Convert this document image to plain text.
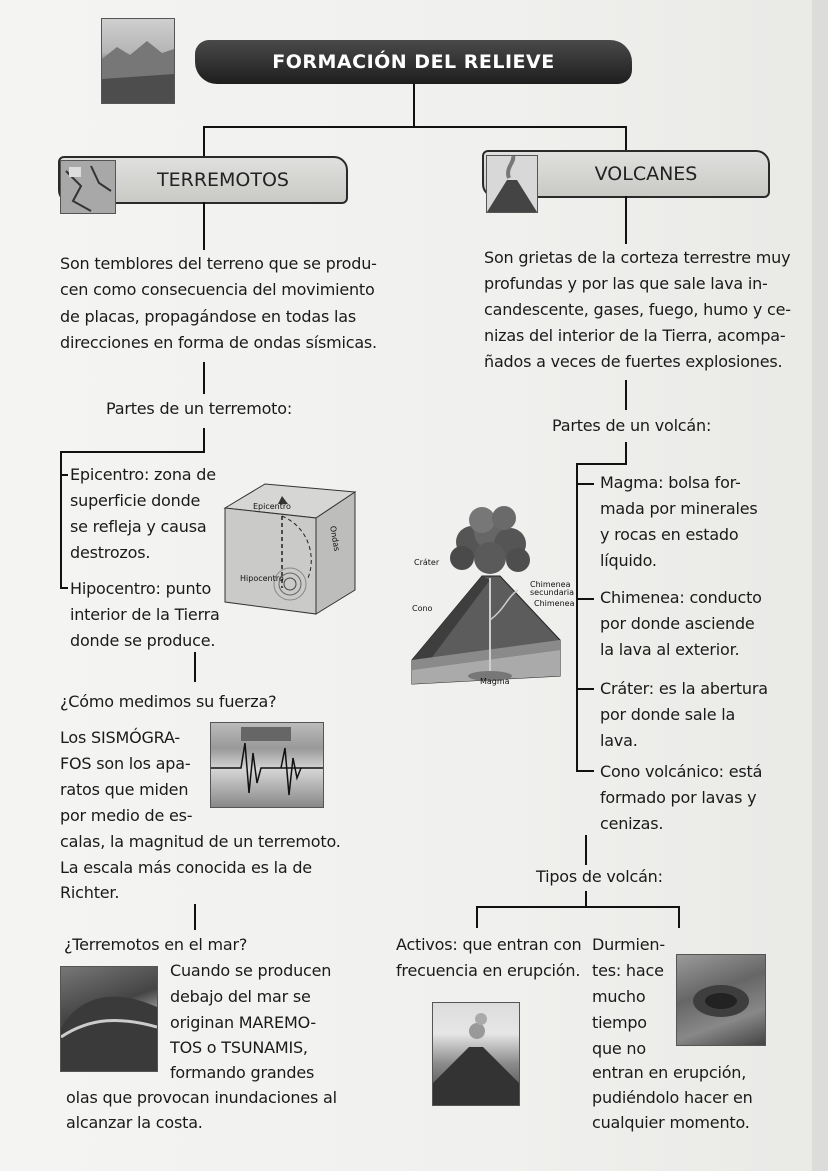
FORMACIÓN DEL RELIEVE
TERREMOTOS	VOLCANES
Son temblores del terreno que se produ-
cen como consecuencia del movimiento
de placas, propagándose en todas las
direcciones en forma de ondas sísmicas.
Partes de un terremoto:
Epicentro: zona de
superficie donde
se refleja y causa
destrozos.
Hipocentro: punto
interior de la Tierra
donde se produce.
Epicentro
Hipocentro
Ondas
¿Cómo medimos su fuerza?
Los SISMÓGRA-
FOS son los apa-
ratos que miden
por medio de es-
calas, la magnitud de un terremoto.
La escala más conocida es la de
Richter.
¿Terremotos en el mar?
Cuando se producen
debajo del mar se
originan MAREMO-
TOS o TSUNAMIS,
formando grandes
olas que provocan inundaciones al
alcanzar la costa.
Son grietas de la corteza terrestre muy
profundas y por las que sale lava in-
candescente, gases, fuego, humo y ce-
nizas del interior de la Tierra, acompa-
ñados a veces de fuertes explosiones.
Partes de un volcán:
Magma: bolsa for-
mada por minerales
y rocas en estado
líquido.
Chimenea: conducto
por donde asciende
la lava al exterior.
Cráter: es la abertura
por donde sale la
lava.
Cono volcánico: está
formado por lavas y
cenizas.
Cráter
Cono
Chimenea
secundaria
Chimenea
Magma
Tipos de volcán:
Activos: que entran con
frecuencia en erupción.
Durmien-
tes: hace
mucho
tiempo
que no
entran en erupción,
pudiéndolo hacer en
cualquier momento.
